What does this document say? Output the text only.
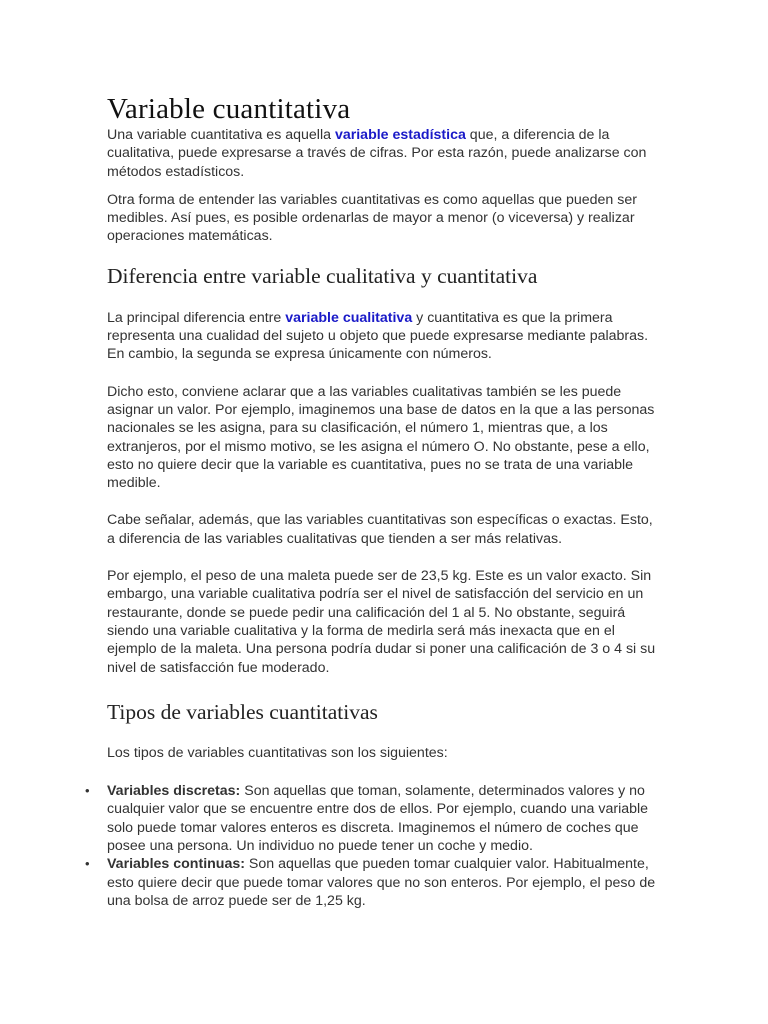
Variable cuantitativa

Una variable cuantitativa es aquella variable estadística que, a diferencia de la cualitativa, puede expresarse a través de cifras. Por esta razón, puede analizarse con métodos estadísticos.

Otra forma de entender las variables cuantitativas es como aquellas que pueden ser medibles. Así pues, es posible ordenarlas de mayor a menor (o viceversa) y realizar operaciones matemáticas.

Diferencia entre variable cualitativa y cuantitativa

La principal diferencia entre variable cualitativa y cuantitativa es que la primera representa una cualidad del sujeto u objeto que puede expresarse mediante palabras. En cambio, la segunda se expresa únicamente con números.

Dicho esto, conviene aclarar que a las variables cualitativas también se les puede asignar un valor. Por ejemplo, imaginemos una base de datos en la que a las personas nacionales se les asigna, para su clasificación, el número 1, mientras que, a los extranjeros, por el mismo motivo, se les asigna el número O. No obstante, pese a ello, esto no quiere decir que la variable es cuantitativa, pues no se trata de una variable medible.

Cabe señalar, además, que las variables cuantitativas son específicas o exactas. Esto, a diferencia de las variables cualitativas que tienden a ser más relativas.

Por ejemplo, el peso de una maleta puede ser de 23,5 kg. Este es un valor exacto. Sin embargo, una variable cualitativa podría ser el nivel de satisfacción del servicio en un restaurante, donde se puede pedir una calificación del 1 al 5. No obstante, seguirá siendo una variable cualitativa y la forma de medirla será más inexacta que en el ejemplo de la maleta. Una persona podría dudar si poner una calificación de 3 o 4 si su nivel de satisfacción fue moderado.

Tipos de variables cuantitativas

Los tipos de variables cuantitativas son los siguientes:

• Variables discretas: Son aquellas que toman, solamente, determinados valores y no cualquier valor que se encuentre entre dos de ellos. Por ejemplo, cuando una variable solo puede tomar valores enteros es discreta. Imaginemos el número de coches que posee una persona. Un individuo no puede tener un coche y medio.
• Variables continuas: Son aquellas que pueden tomar cualquier valor. Habitualmente, esto quiere decir que puede tomar valores que no son enteros. Por ejemplo, el peso de una bolsa de arroz puede ser de 1,25 kg.
